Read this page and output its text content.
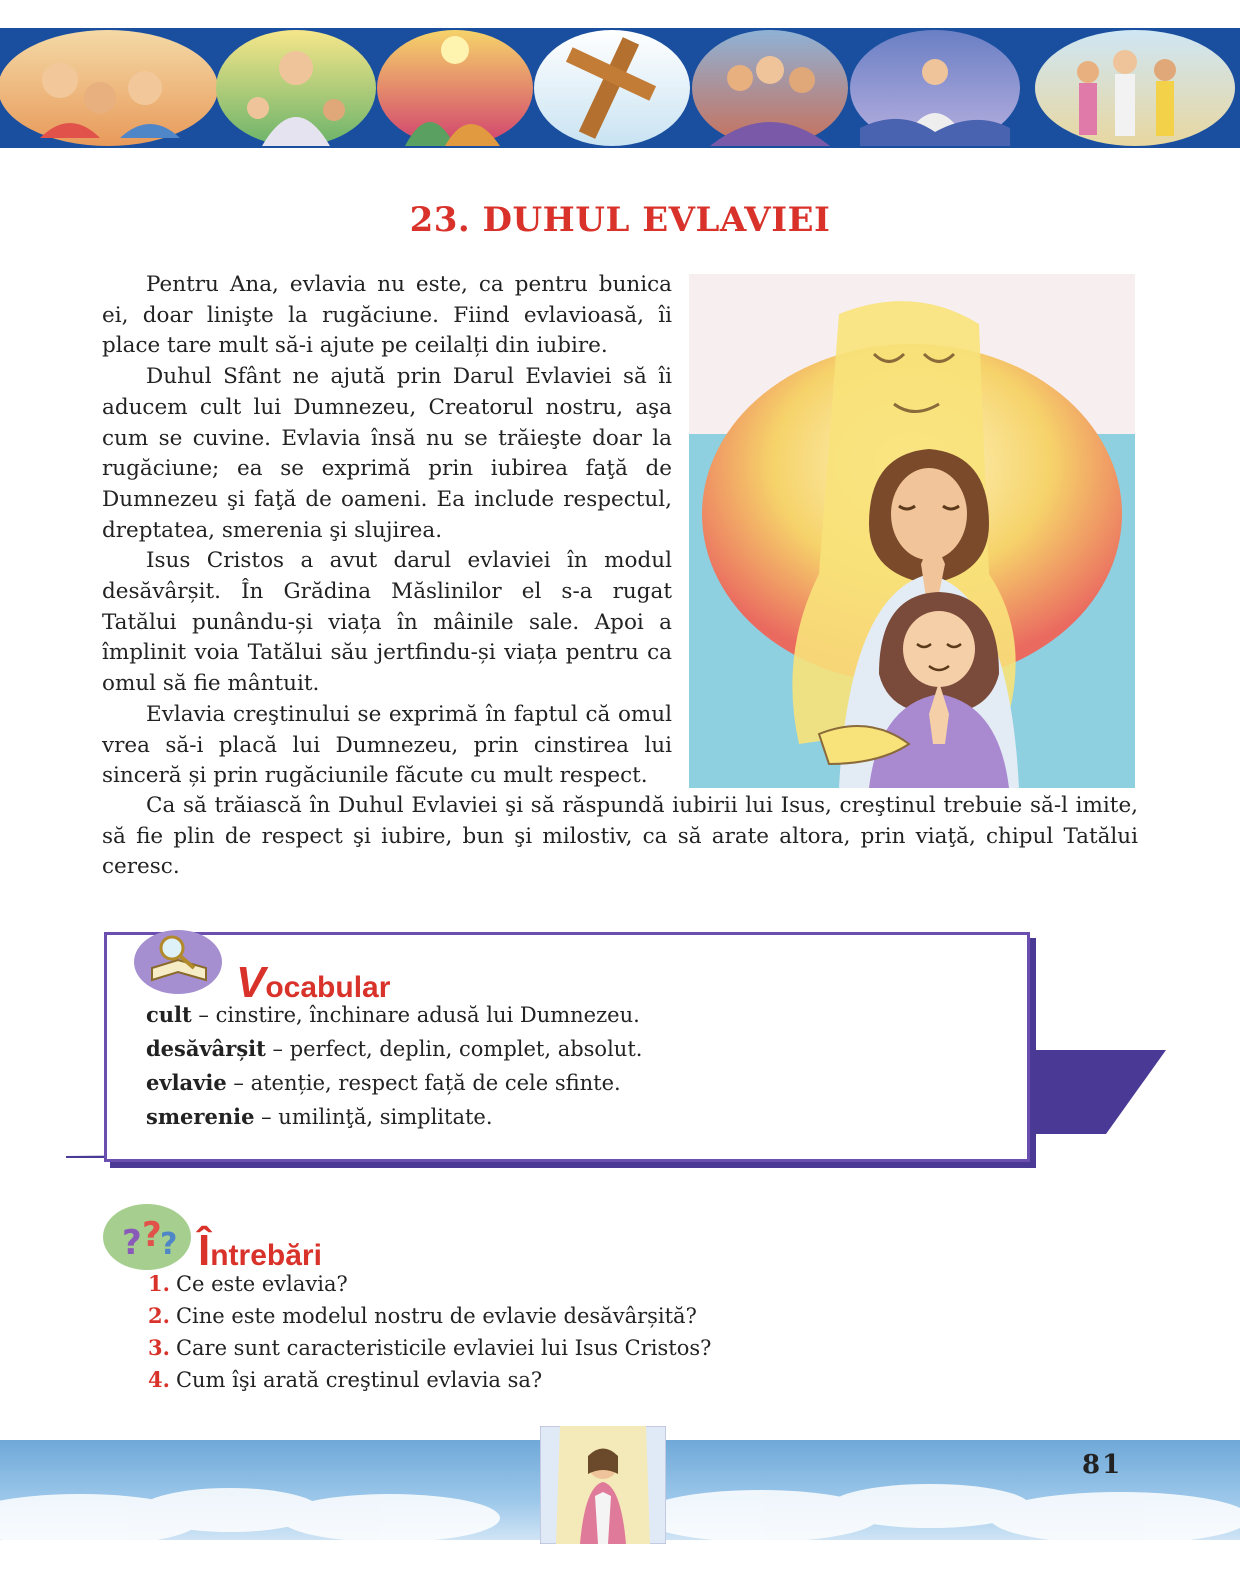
23. DUHUL EVLAVIEI

Pentru Ana, evlavia nu este, ca pentru bunica ei, doar linişte la rugăciune. Fiind evlavioasă, îi place tare mult să-i ajute pe ceilalți din iubire.

Duhul Sfânt ne ajută prin Darul Evlaviei să îi aducem cult lui Dumnezeu, Creatorul nostru, aşa cum se cuvine. Evlavia însă nu se trăieşte doar la rugăciune; ea se exprimă prin iubirea faţă de Dumnezeu şi faţă de oameni. Ea include respectul, dreptatea, smerenia şi slujirea.

Isus Cristos a avut darul evlaviei în modul desăvârșit. În Grădina Măslinilor el s-a rugat Tatălui punându-și viața în mâinile sale. Apoi a împlinit voia Tatălui său jertfindu-și viața pentru ca omul să fie mântuit.

Evlavia creştinului se exprimă în faptul că omul vrea să-i placă lui Dumnezeu, prin cinstirea lui sinceră și prin rugăciunile făcute cu mult respect.

Ca să trăiască în Duhul Evlaviei şi să răspundă iubirii lui Isus, creştinul trebuie să-l imite, să fie plin de respect şi iubire, bun şi milostiv, ca să arate altora, prin viaţă, chipul Tatălui ceresc.

Vocabular
cult – cinstire, închinare adusă lui Dumnezeu.
desăvârșit – perfect, deplin, complet, absolut.
evlavie – atenție, respect față de cele sfinte.
smerenie – umilinţă, simplitate.
? ?
? Întrebări
1. Ce este evlavia?
2. Cine este modelul nostru de evlavie desăvârșită?
3. Care sunt caracteristicile evlaviei lui Isus Cristos?
4. Cum îşi arată creştinul evlavia sa?
81
